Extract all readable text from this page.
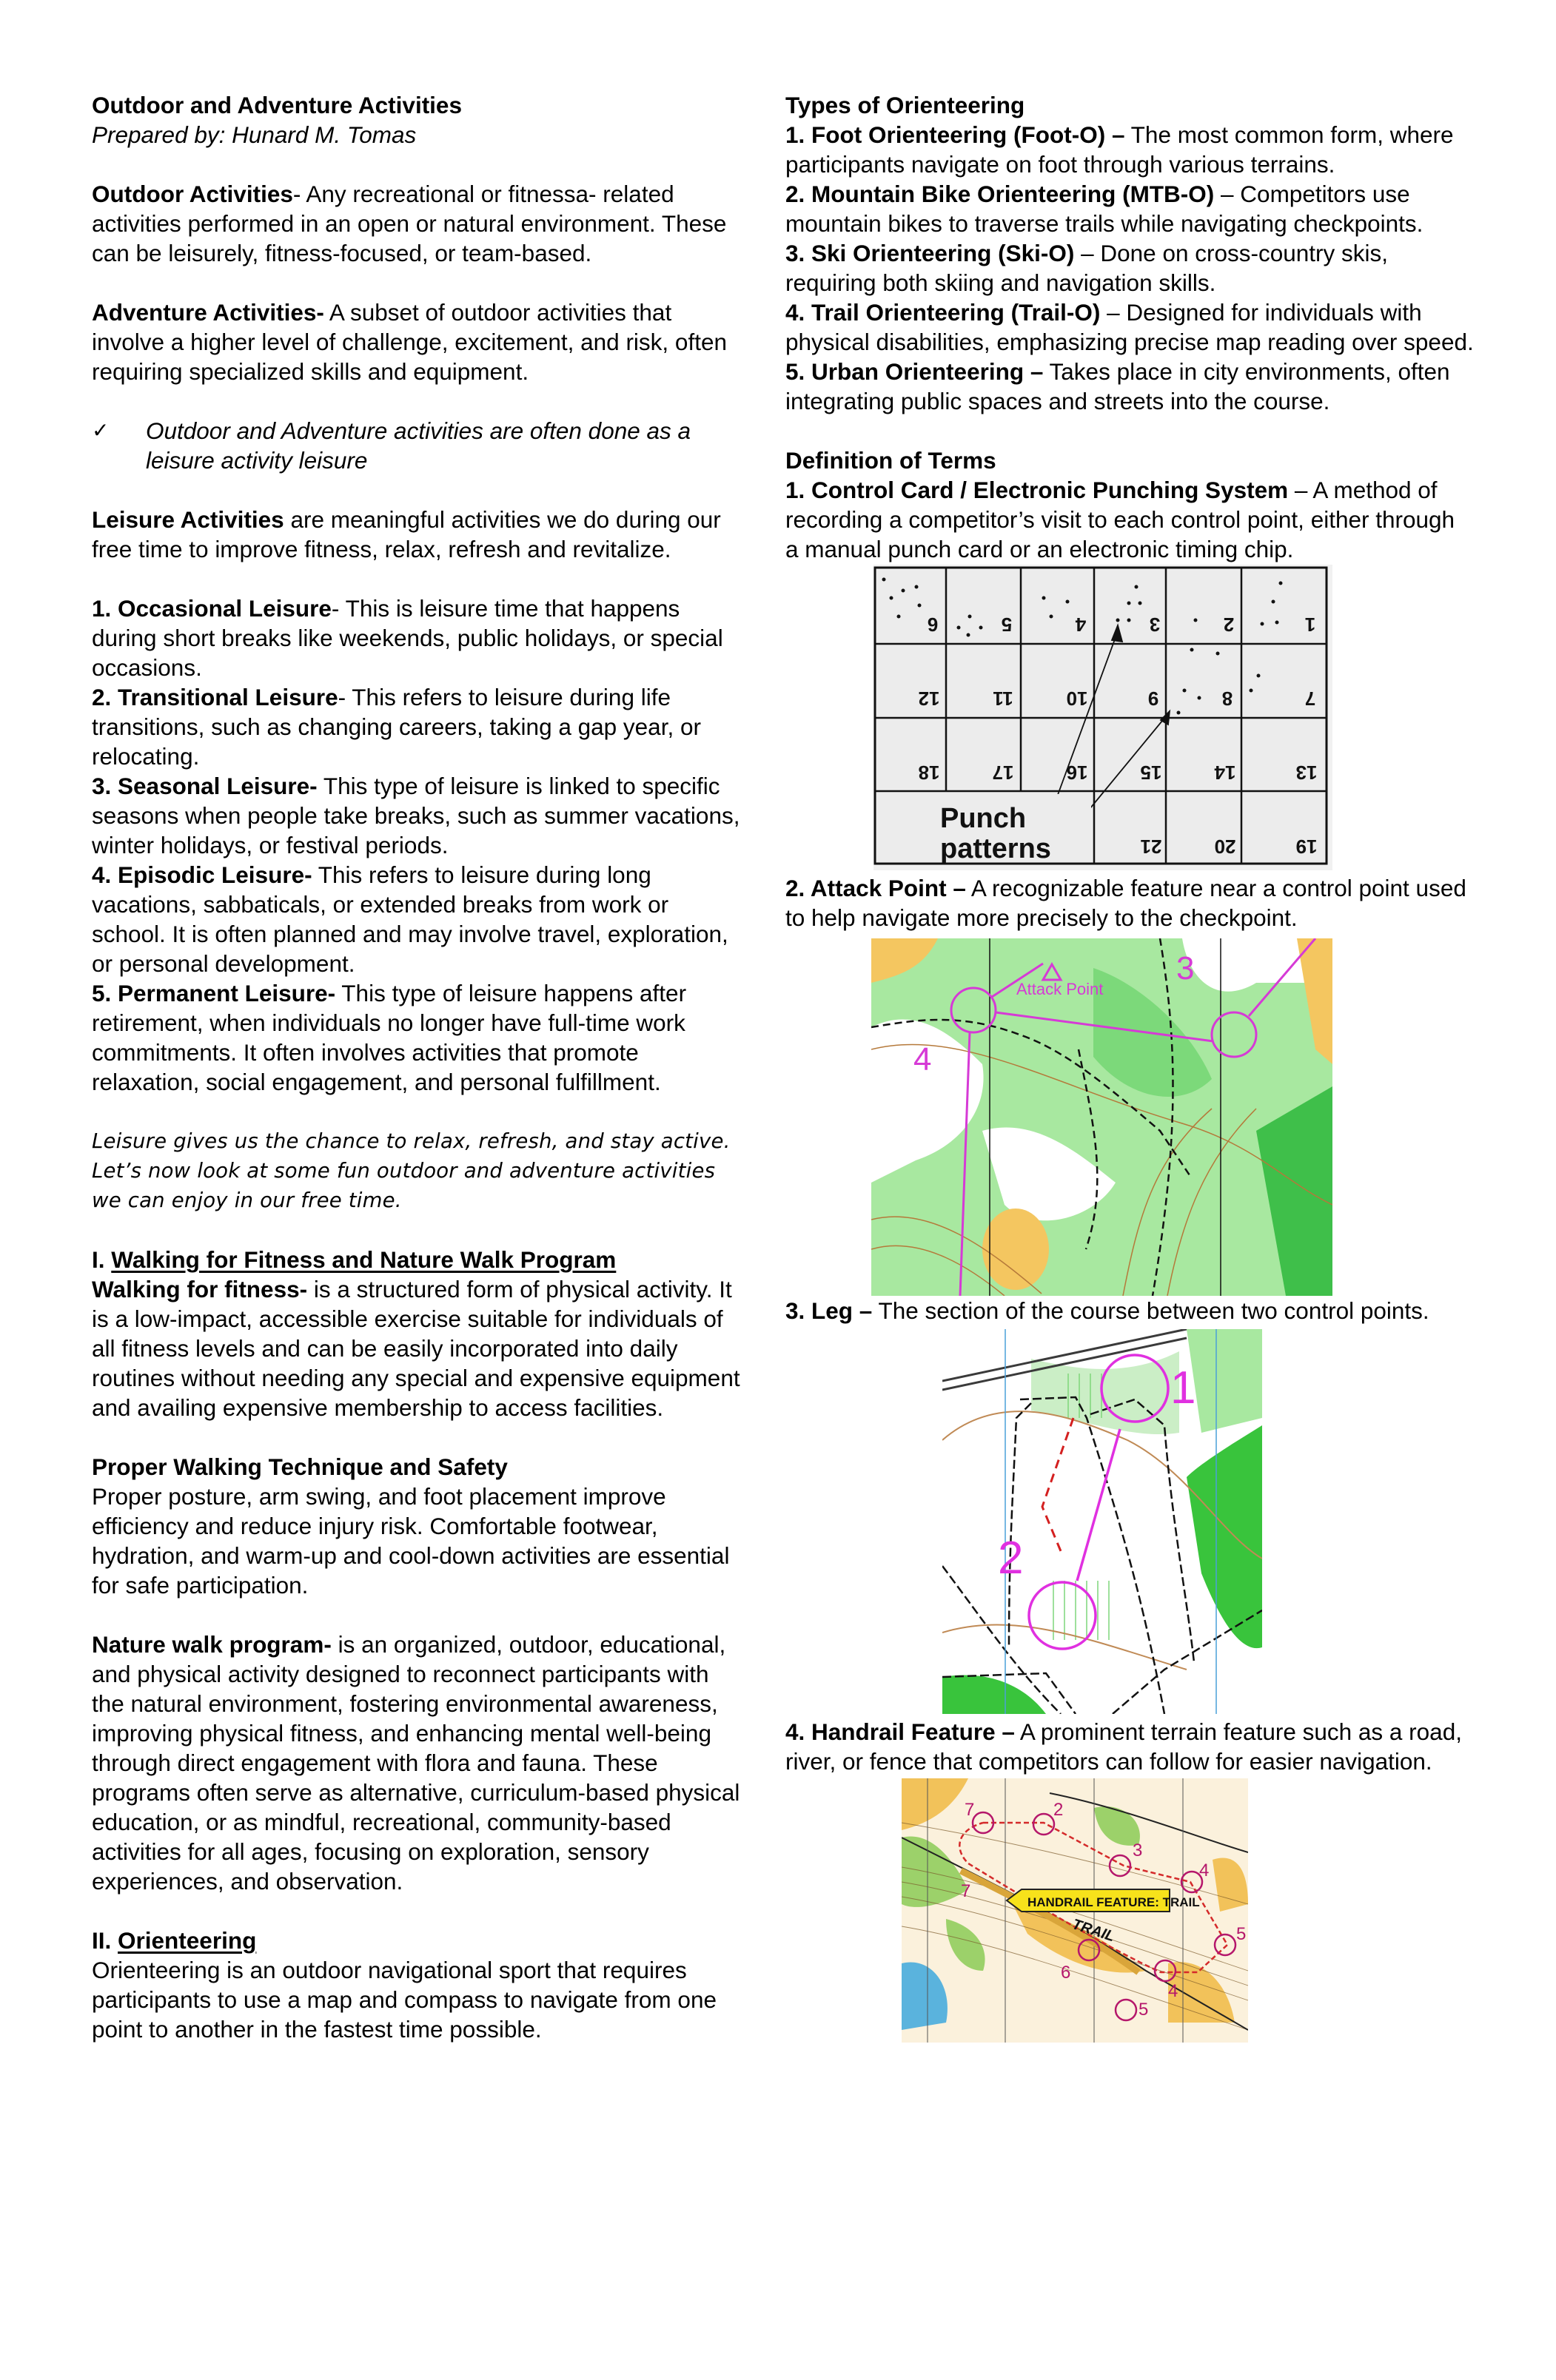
Outdoor and Adventure Activities

Prepared by: Hunard M. Tomas

Outdoor Activities- Any recreational or fitnessa- related activities performed in an open or natural environment. These can be leisurely, fitness-focused, or team-based.

Adventure Activities- A subset of outdoor activities that involve a higher level of challenge, excitement, and risk, often requiring specialized skills and equipment.

✓	Outdoor and Adventure activities are often done as a leisure activity leisure

Leisure Activities are meaningful activities we do during our free time to improve fitness, relax, refresh and revitalize.

1. Occasional Leisure- This is leisure time that happens during short breaks like weekends, public holidays, or special occasions.

2. Transitional Leisure- This refers to leisure during life transitions, such as changing careers, taking a gap year, or relocating.

3. Seasonal Leisure- This type of leisure is linked to specific seasons when people take breaks, such as summer vacations, winter holidays, or festival periods.

4. Episodic Leisure- This refers to leisure during long vacations, sabbaticals, or extended breaks from work or school. It is often planned and may involve travel, exploration, or personal development.

5. Permanent Leisure- This type of leisure happens after retirement, when individuals no longer have full-time work commitments. It often involves activities that promote relaxation, social engagement, and personal fulfillment.

Leisure gives us the chance to relax, refresh, and stay active. Let’s now look at some fun outdoor and adventure activities we can enjoy in our free time.

I. Walking for Fitness and Nature Walk Program

Walking for fitness- is a structured form of physical activity. It is a low-impact, accessible exercise suitable for individuals of all fitness levels and can be easily incorporated into daily routines without needing any special and expensive equipment and availing expensive membership to access facilities.

Proper Walking Technique and Safety

Proper posture, arm swing, and foot placement improve efficiency and reduce injury risk. Comfortable footwear, hydration, and warm-up and cool-down activities are essential for safe participation.

Nature walk program- is an organized, outdoor, educational, and physical activity designed to reconnect participants with the natural environment, fostering environmental awareness, improving physical fitness, and enhancing mental well-being through direct engagement with flora and fauna. These programs often serve as alternative, curriculum-based physical education, or as mindful, recreational, community-based activities for all ages, focusing on exploration, sensory experiences, and observation.

II. Orienteering

Orienteering is an outdoor navigational sport that requires participants to use a map and compass to navigate from one point to another in the fastest time possible.

Types of Orienteering

1. Foot Orienteering (Foot-O) – The most common form, where participants navigate on foot through various terrains.

2. Mountain Bike Orienteering (MTB-O) – Competitors use mountain bikes to traverse trails while navigating checkpoints.

3. Ski Orienteering (Ski-O) – Done on cross-country skis, requiring both skiing and navigation skills.

4. Trail Orienteering (Trail-O) – Designed for individuals with physical disabilities, emphasizing precise map reading over speed.

5. Urban Orienteering – Takes place in city environments, often integrating public spaces and streets into the course.

Definition of Terms

1. Control Card / Electronic Punching System – A method of recording a competitor’s visit to each control point, either through a manual punch card or an electronic timing chip.

6	5	4	3	2	1
12	11	10	9	8	7
18	17	16	15	14	13
21	20	19
Punch
patterns

2. Attack Point – A recognizable feature near a control point used to help navigate more precisely to the checkpoint.

Attack Point
3
4

3. Leg – The section of the course between two control points.

1
2

4. Handrail Feature – A prominent terrain feature such as a road, river, or fence that competitors can follow for easier navigation.

7	2
3
4
5
4
5
6
7
HANDRAIL FEATURE: TRAIL
TRAIL
